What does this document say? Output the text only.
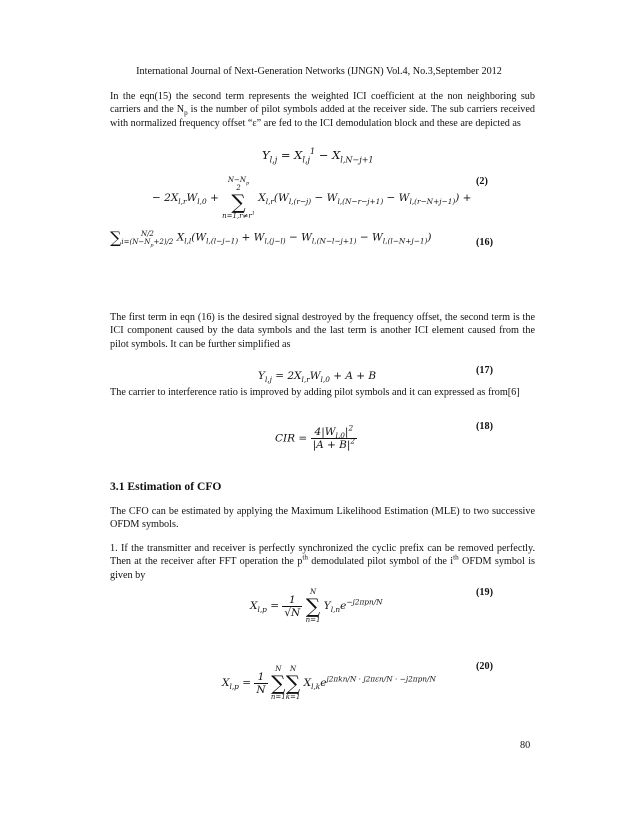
International Journal of Next-Generation Networks (IJNGN) Vol.4, No.3,September 2012
In the eqn(15) the second term represents the weighted ICI coefficient at the non neighboring sub carriers and the $N_p$ is the number of pilot symbols added at the receiver side. The sub carriers received with normalized frequency offset “ε” are fed to the ICI demodulation block and these are depicted as
$Y_{l,j} = X_{l,j}^1 - X_{l,N-j+1}$
(2)
− $2X_{l,r}W_{l,0}$ +
$N-N_p$
2
∑
$n=1,r\ne r^1$
$X_{l,r}(W_{l,(r-j)} - W_{l,(N-r-j+1)} - W_{l,(r-N+j-1)})$ +
(16)
∑	N/2
$i=(N-N_p+2)/2$ $X_{l,l}(W_{l,(l-j-1)} + W_{l,(j-l)} - W_{l,(N-l-j+1)} - W_{l,(l-N+j-1)})$
The first term in eqn (16) is the desired signal destroyed by the frequency offset, the second term is the ICI component caused by the data symbols and the last term is another ICI element caused from the pilot symbols. It can be further simplified as
(17)
$Y_{l,j} = 2X_{l,r}W_{l,0} + A + B$
The carrier to interference ratio is improved by adding pilot symbols and it can expressed as from[6]
(18)
CIR = $\frac{4|W_{l,0}|^2}{|A + B|^2}$
3.1 Estimation of CFO
The CFO can be estimated by applying the Maximum Likelihood Estimation (MLE) to two successive OFDM symbols.
1. If the transmitter and receiver is perfectly synchronized the cyclic prefix can be removed perfectly. Then at the receiver after FFT operation the $p^{th}$ demodulated pilot symbol of the $i^{th}$ OFDM symbol is given by
(19)
$X_{l,p} = \frac{1}{√N}$

N
∑
n=1
$Y_{l,n}e^{-j2\pi pn/N}$
(20)
$X_{l,p} = \frac{1}{N}$

N
∑
n=1
N
∑
k=1
$X_{l,k}e^{j2\pi kn/N \cdot j2\pi\varepsilon n/N \cdot -j2\pi pn/N}$
80
